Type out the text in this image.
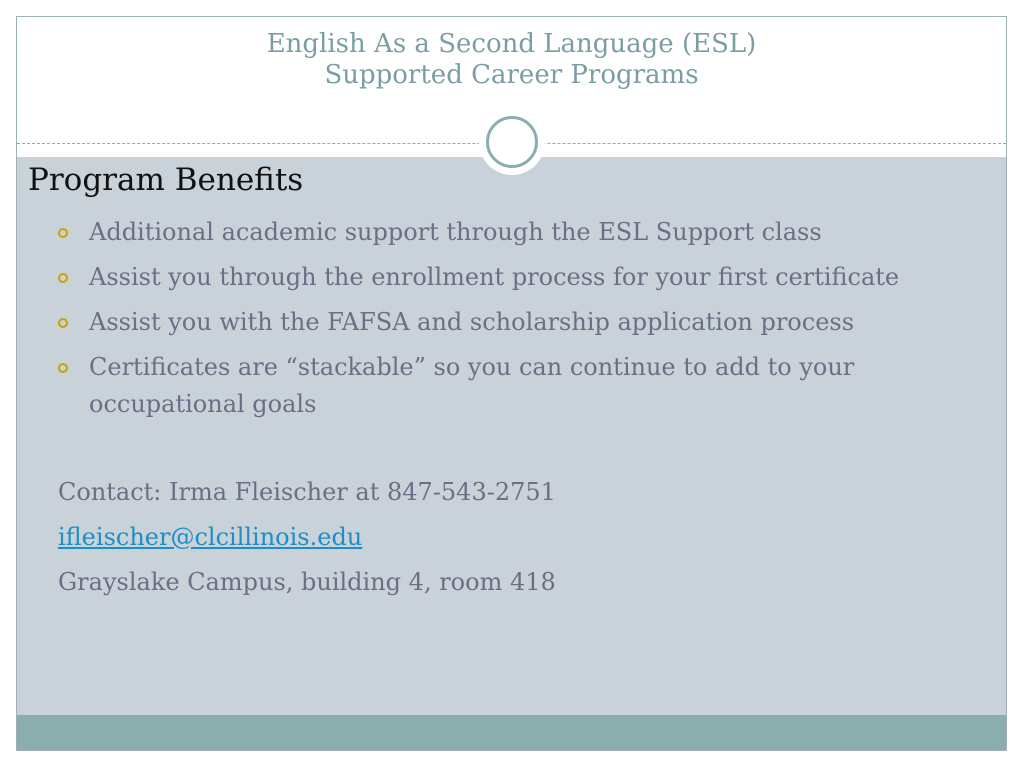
English As a Second Language (ESL)
Supported Career Programs
Program Benefits
Additional academic support through the ESL Support class
Assist you through the enrollment process for your first certificate
Assist you with the FAFSA and scholarship application process
Certificates are “stackable” so you can continue to add to your occupational goals

Contact: Irma Fleischer at 847-543-2751

ifleischer@clcillinois.edu

Grayslake Campus, building 4, room 418
